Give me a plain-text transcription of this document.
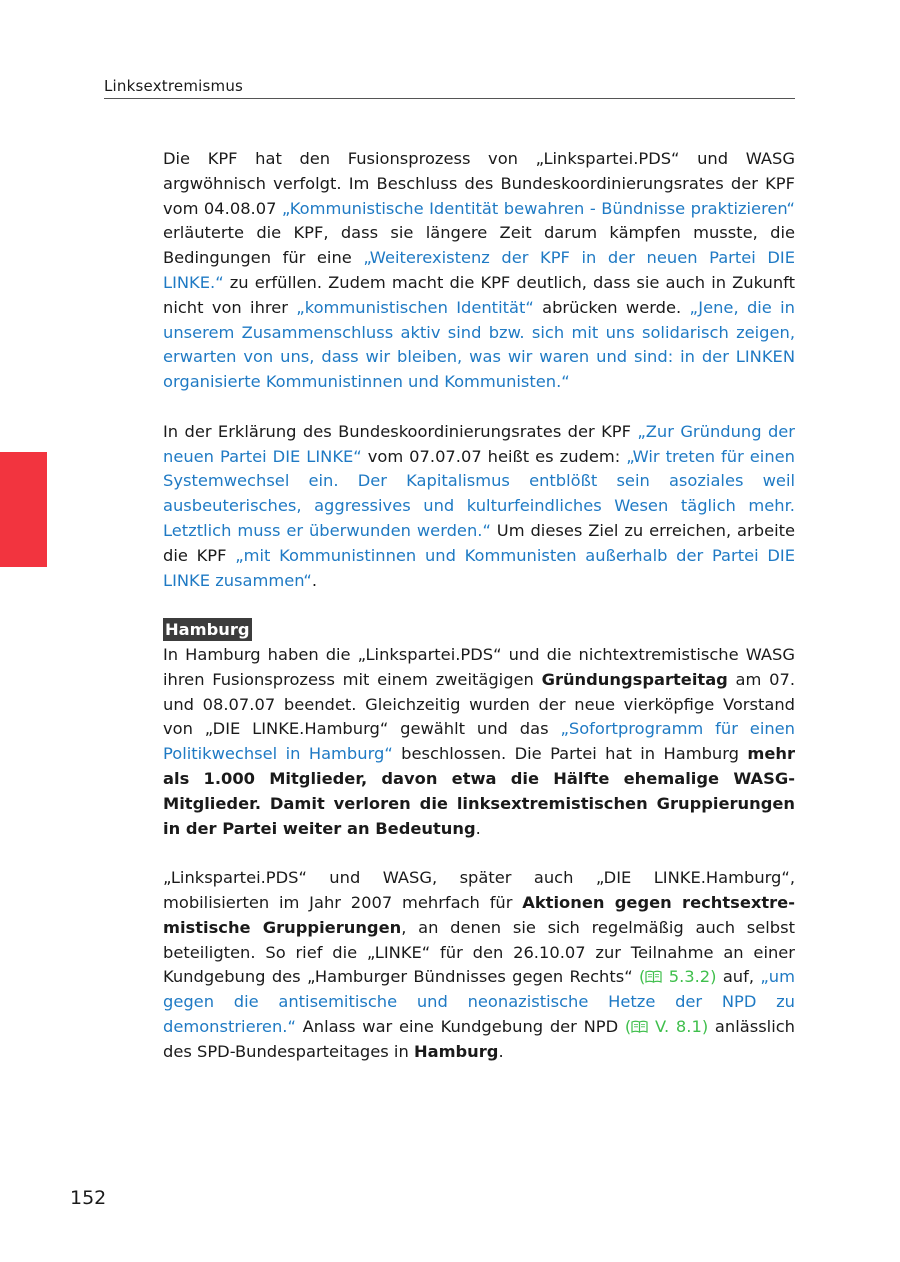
Linksextremismus

Die KPF hat den Fusionsprozess von „Linkspartei.PDS“ und WASG argwöhnisch verfolgt. Im Beschluss des Bundeskoordinierungsrates der KPF vom 04.08.07 „Kommunistische Identität bewahren - Bündnisse praktizieren“ erläuterte die KPF, dass sie längere Zeit darum kämpfen musste, die Bedingungen für eine „Weiterexistenz der KPF in der neuen Partei DIE LINKE.“ zu erfüllen. Zudem macht die KPF deutlich, dass sie auch in Zukunft nicht von ihrer „kommunistischen Identität“ abrücken werde. „Jene, die in unserem Zusammenschluss aktiv sind bzw. sich mit uns solidarisch zeigen, erwarten von uns, dass wir bleiben, was wir waren und sind: in der LINKEN organisierte Kommunistinnen und Kommunisten.“

In der Erklärung des Bundeskoordinierungsrates der KPF „Zur Gründung der neuen Partei DIE LINKE“ vom 07.07.07 heißt es zudem: „Wir treten für einen Systemwechsel ein. Der Kapitalismus entblößt sein asoziales weil ausbeuterisches, aggressives und kulturfeindliches Wesen täglich mehr. Letztlich muss er überwunden werden.“ Um dieses Ziel zu erreichen, arbeite die KPF „mit Kommunistinnen und Kommunisten außerhalb der Partei DIE LINKE zusammen“.

Hamburg

In Hamburg haben die „Linkspartei.PDS“ und die nichtextremistische WASG ihren Fusionsprozess mit einem zweitägigen Gründungsparteitag am 07. und 08.07.07 beendet. Gleichzeitig wurden der neue vierköpfige Vorstand von „DIE LINKE.Hamburg“ gewählt und das „Sofortprogramm für einen Politikwechsel in Hamburg“ beschlossen. Die Partei hat in Hamburg mehr als 1.000 Mitglieder, davon etwa die Hälfte ehemalige WASG-Mitglieder. Damit verloren die linksextremistischen Gruppierungen in der Partei weiter an Bedeutung.

„Linkspartei.PDS“ und WASG, später auch „DIE LINKE.Hamburg“, mobilisierten im Jahr 2007 mehrfach für Aktionen gegen rechtsextremistische Gruppierungen, an denen sie sich regelmäßig auch selbst beteiligten. So rief die „LINKE“ für den 26.10.07 zur Teilnahme an einer Kundgebung des „Hamburger Bündnisses gegen Rechts“ ( 5.3.2) auf, „um gegen die antisemitische und neonazistische Hetze der NPD zu demonstrieren.“ Anlass war eine Kundgebung der NPD ( V. 8.1) anlässlich des SPD-Bundesparteitages in Hamburg.

152
